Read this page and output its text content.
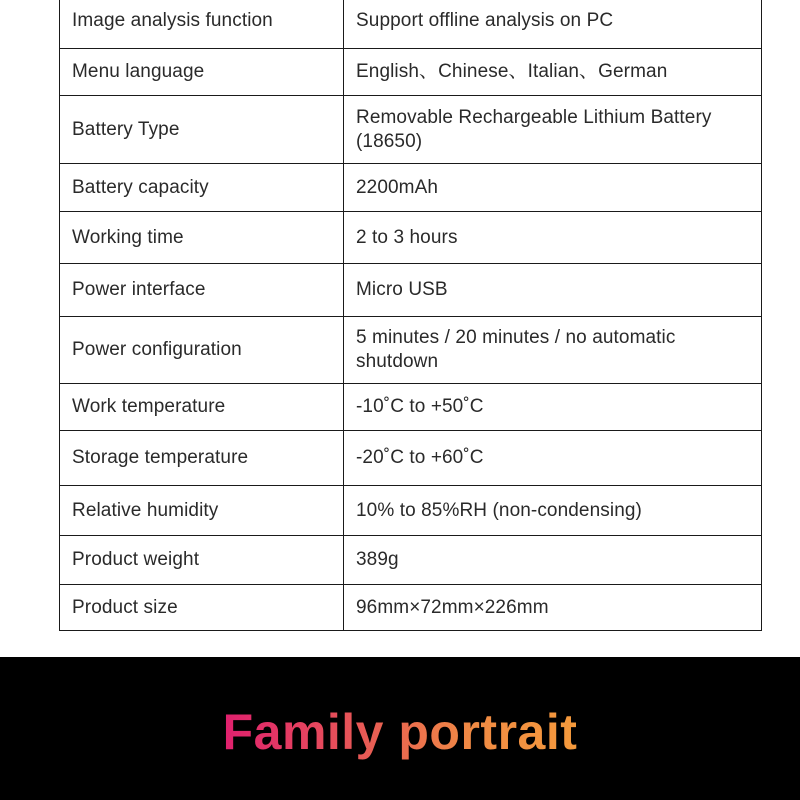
Image analysis function	Support offline analysis on PC
Menu language	English、Chinese、Italian、German
Battery Type	Removable Rechargeable Lithium Battery (18650)
Battery capacity	2200mAh
Working time	2 to 3 hours
Power interface	Micro USB
Power configuration	5 minutes / 20 minutes / no automatic shutdown
Work temperature	-10˚C to +50˚C
Storage temperature	-20˚C to +60˚C
Relative humidity	10% to 85%RH (non-condensing)
Product weight	389g
Product size	96mm×72mm×226mm
Family portrait
